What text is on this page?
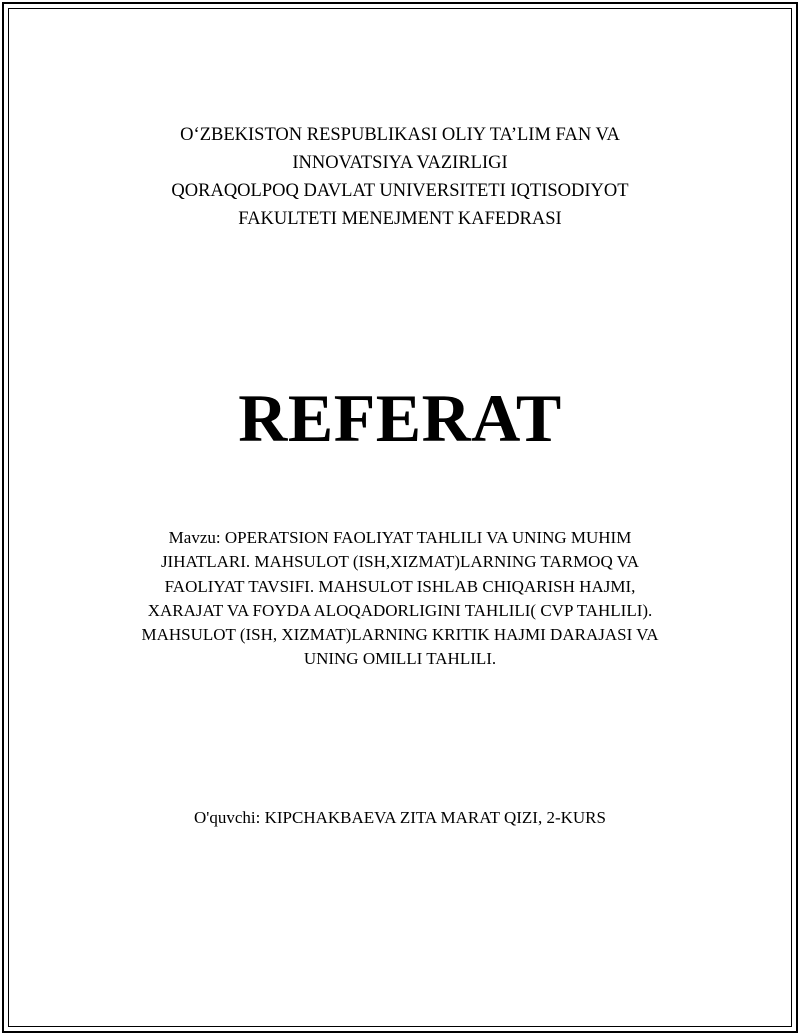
O‘ZBEKISTON RESPUBLIKASI OLIY TA’LIM FAN VA
INNOVATSIYA VAZIRLIGI
QORAQOLPOQ DAVLAT UNIVERSITETI IQTISODIYOT
FAKULTETI MENEJMENT KAFEDRASI
REFERAT
Mavzu: OPERATSION FAOLIYAT TAHLILI VA UNING MUHIM
JIHATLARI. MAHSULOT (ISH,XIZMAT)LARNING TARMOQ VA
FAOLIYAT TAVSIFI. MAHSULOT ISHLAB CHIQARISH HAJMI,
XARAJAT VA FOYDA ALOQADORLIGINI TAHLILI( CVP TAHLILI).
MAHSULOT (ISH, XIZMAT)LARNING KRITIK HAJMI DARAJASI VA
UNING OMILLI TAHLILI.
O'quvchi: KIPCHAKBAEVA ZITA MARAT QIZI, 2-KURS
